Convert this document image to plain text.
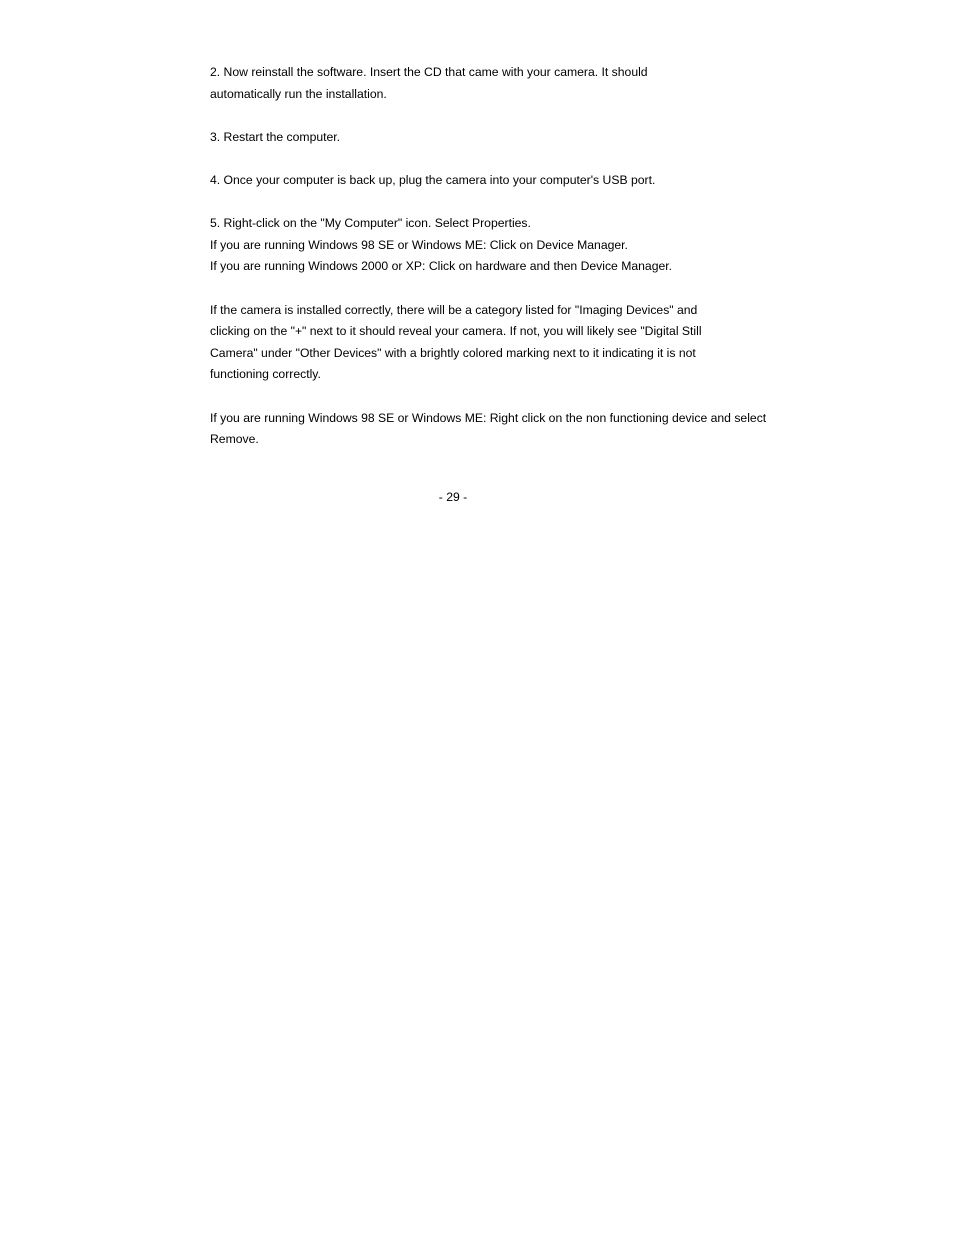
2. Now reinstall the software. Insert the CD that came with your camera. It should
automatically run the installation.

3. Restart the computer.

4. Once your computer is back up, plug the camera into your computer's USB port.

5. Right-click on the "My Computer" icon. Select Properties.
If you are running Windows 98 SE or Windows ME: Click on Device Manager.
If you are running Windows 2000 or XP: Click on hardware and then Device Manager.

If the camera is installed correctly, there will be a category listed for "Imaging Devices" and
clicking on the "+" next to it should reveal your camera. If not, you will likely see "Digital Still
Camera" under "Other Devices" with a brightly colored marking next to it indicating it is not
functioning correctly.

If you are running Windows 98 SE or Windows ME: Right click on the non functioning device and select
Remove.

- 29 -
